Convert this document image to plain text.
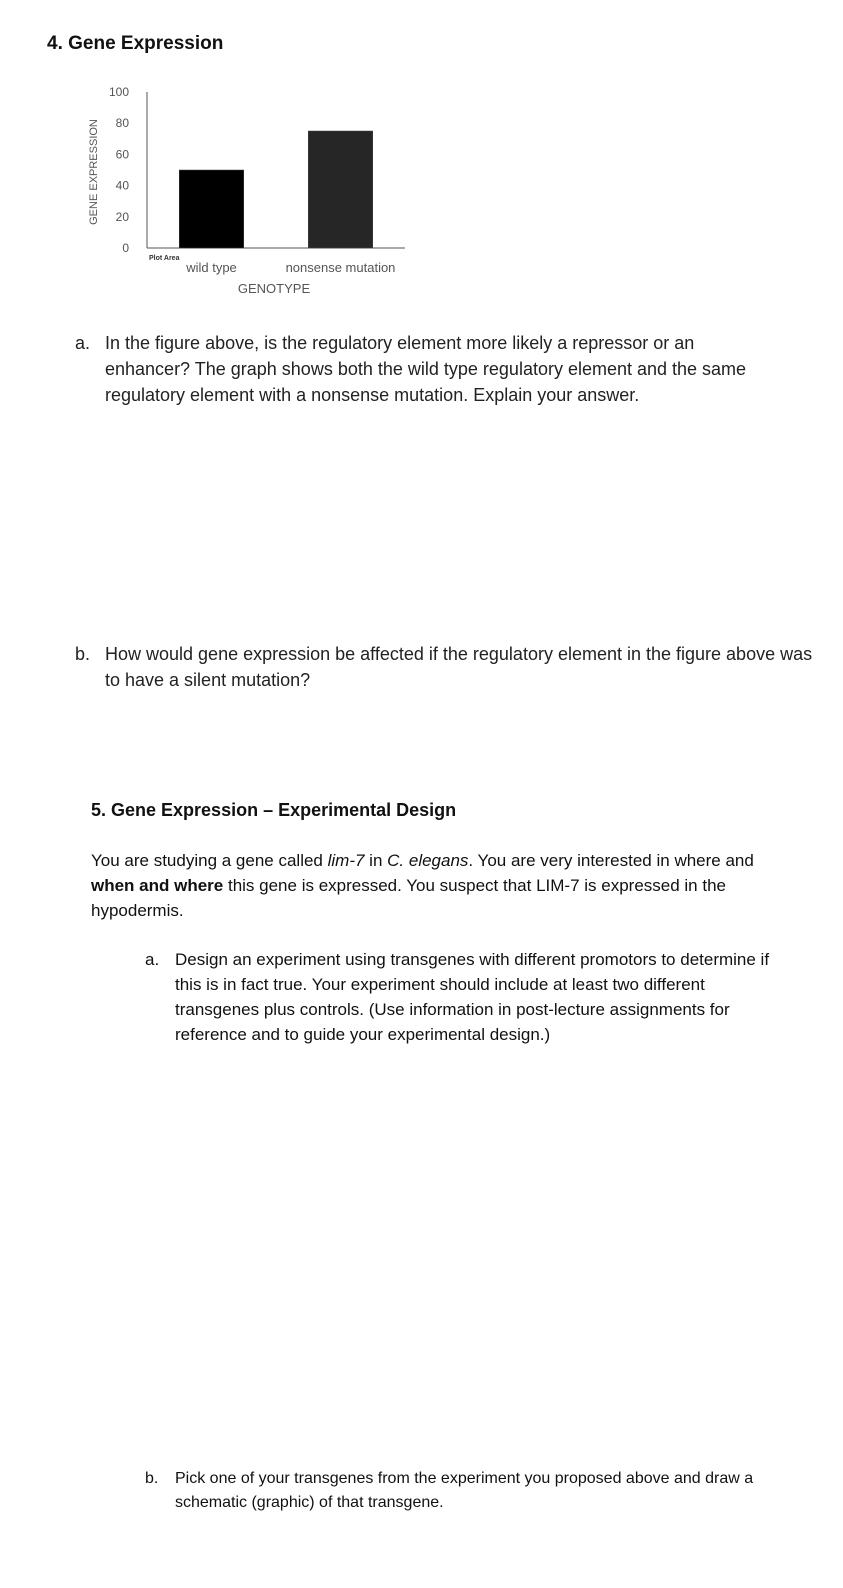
4. Gene Expression
0
20
40
60
80
100
GENE EXPRESSION
wild type	nonsense mutation
Plot Area
GENOTYPE
a. In the figure above, is the regulatory element more likely a repressor or an enhancer? The graph shows both the wild type regulatory element and the same regulatory element with a nonsense mutation. Explain your answer.
b. How would gene expression be affected if the regulatory element in the figure above was to have a silent mutation?
5. Gene Expression – Experimental Design
You are studying a gene called lim-7 in C. elegans. You are very interested in where and when and where this gene is expressed. You suspect that LIM-7 is expressed in the hypodermis.
a. Design an experiment using transgenes with different promotors to determine if this is in fact true. Your experiment should include at least two different transgenes plus controls. (Use information in post-lecture assignments for reference and to guide your experimental design.)
b.	Pick one of your transgenes from the experiment you proposed above and draw a schematic (graphic) of that transgene.
